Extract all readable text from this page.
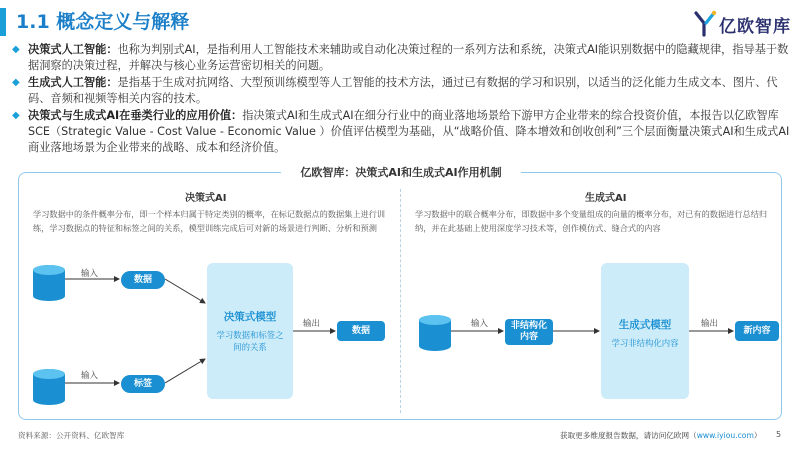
1.1 概念定义与解释	亿欧智库
◆ 决策式人工智能：也称为判别式AI，是指利用人工智能技术来辅助或自动化决策过程的一系列方法和系统，决策式AI能识别数据中的隐藏规律，指导基于数据洞察的决策过程，并解决与核心业务运营密切相关的问题。
◆ 生成式人工智能：是指基于生成对抗网络、大型预训练模型等人工智能的技术方法，通过已有数据的学习和识别，以适当的泛化能力生成文本、图片、代码、音频和视频等相关内容的技术。
◆ 决策式与生成式AI在垂类行业的应用价值：指决策式AI和生成式AI在细分行业中的商业落地场景给下游甲方企业带来的综合投资价值，本报告以亿欧智库SCE（Strategic Value - Cost Value - Economic Value ）价值评估模型为基础，从“战略价值、降本增效和创收创利”三个层面衡量决策式AI和生成式AI商业落地场景为企业带来的战略、成本和经济价值。
亿欧智库：决策式AI和生成式AI作用机制
决策式AI
学习数据中的条件概率分布，即一个样本归属于特定类别的概率，在标记数据点的数据集上进行训练，学习数据点的特征和标签之间的关系，模型训练完成后可对新的场景进行判断、分析和预测
输入
输入
数据
标签
决策式模型
学习数据和标签之间的关系
输出
数据
生成式AI
学习数据中的联合概率分布，即数据中多个变量组成的向量的概率分布，对已有的数据进行总结归纳，并在此基础上使用深度学习技术等，创作模仿式、缝合式的内容
输入	非结构化内容
生成式模型
学习非结构化内容
输出
新内容
资料来源：公开资料、亿欧智库	获取更多维度报告数据，请访问亿欧网（www.iyiou.com） 5
